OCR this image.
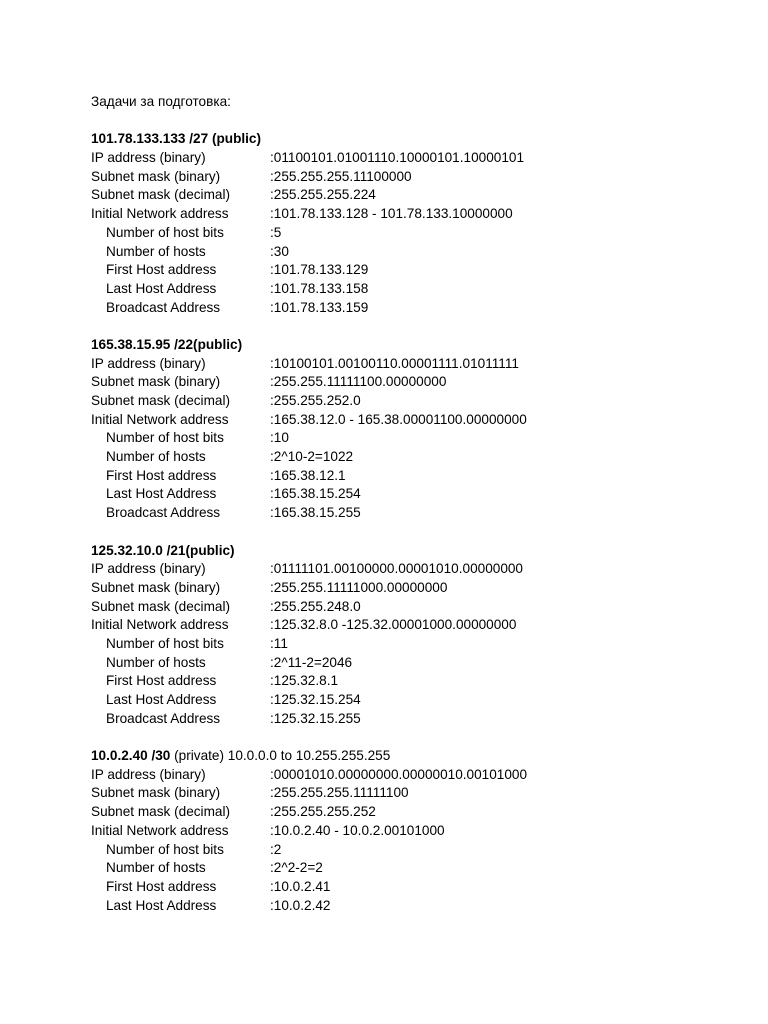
Задачи за подготовка:
101.78.133.133 /27 (public)
IP address (binary)	:01100101.01001110.10000101.10000101
Subnet mask (binary)	:255.255.255.11100000
Subnet mask (decimal)	:255.255.255.224
Initial Network address	:101.78.133.128 - 101.78.133.10000000
Number of host bits	:5
Number of hosts	:30
First Host address	:101.78.133.129
Last Host Address	:101.78.133.158
Broadcast Address	:101.78.133.159
165.38.15.95 /22(public)
IP address (binary)	:10100101.00100110.00001111.01011111
Subnet mask (binary)	:255.255.11111100.00000000
Subnet mask (decimal)	:255.255.252.0
Initial Network address	:165.38.12.0 - 165.38.00001100.00000000
Number of host bits	:10
Number of hosts	:2^10-2=1022
First Host address	:165.38.12.1
Last Host Address	:165.38.15.254
Broadcast Address	:165.38.15.255
125.32.10.0 /21(public)
IP address (binary)	:01111101.00100000.00001010.00000000
Subnet mask (binary)	:255.255.11111000.00000000
Subnet mask (decimal)	:255.255.248.0
Initial Network address	:125.32.8.0 -125.32.00001000.00000000
Number of host bits	:11
Number of hosts	:2^11-2=2046
First Host address	:125.32.8.1
Last Host Address	:125.32.15.254
Broadcast Address	:125.32.15.255
10.0.2.40 /30 (private) 10.0.0.0 to 10.255.255.255
IP address (binary)	:00001010.00000000.00000010.00101000
Subnet mask (binary)	:255.255.255.11111100
Subnet mask (decimal)	:255.255.255.252
Initial Network address	:10.0.2.40 - 10.0.2.00101000
Number of host bits	:2
Number of hosts	:2^2-2=2
First Host address	:10.0.2.41
Last Host Address	:10.0.2.42
